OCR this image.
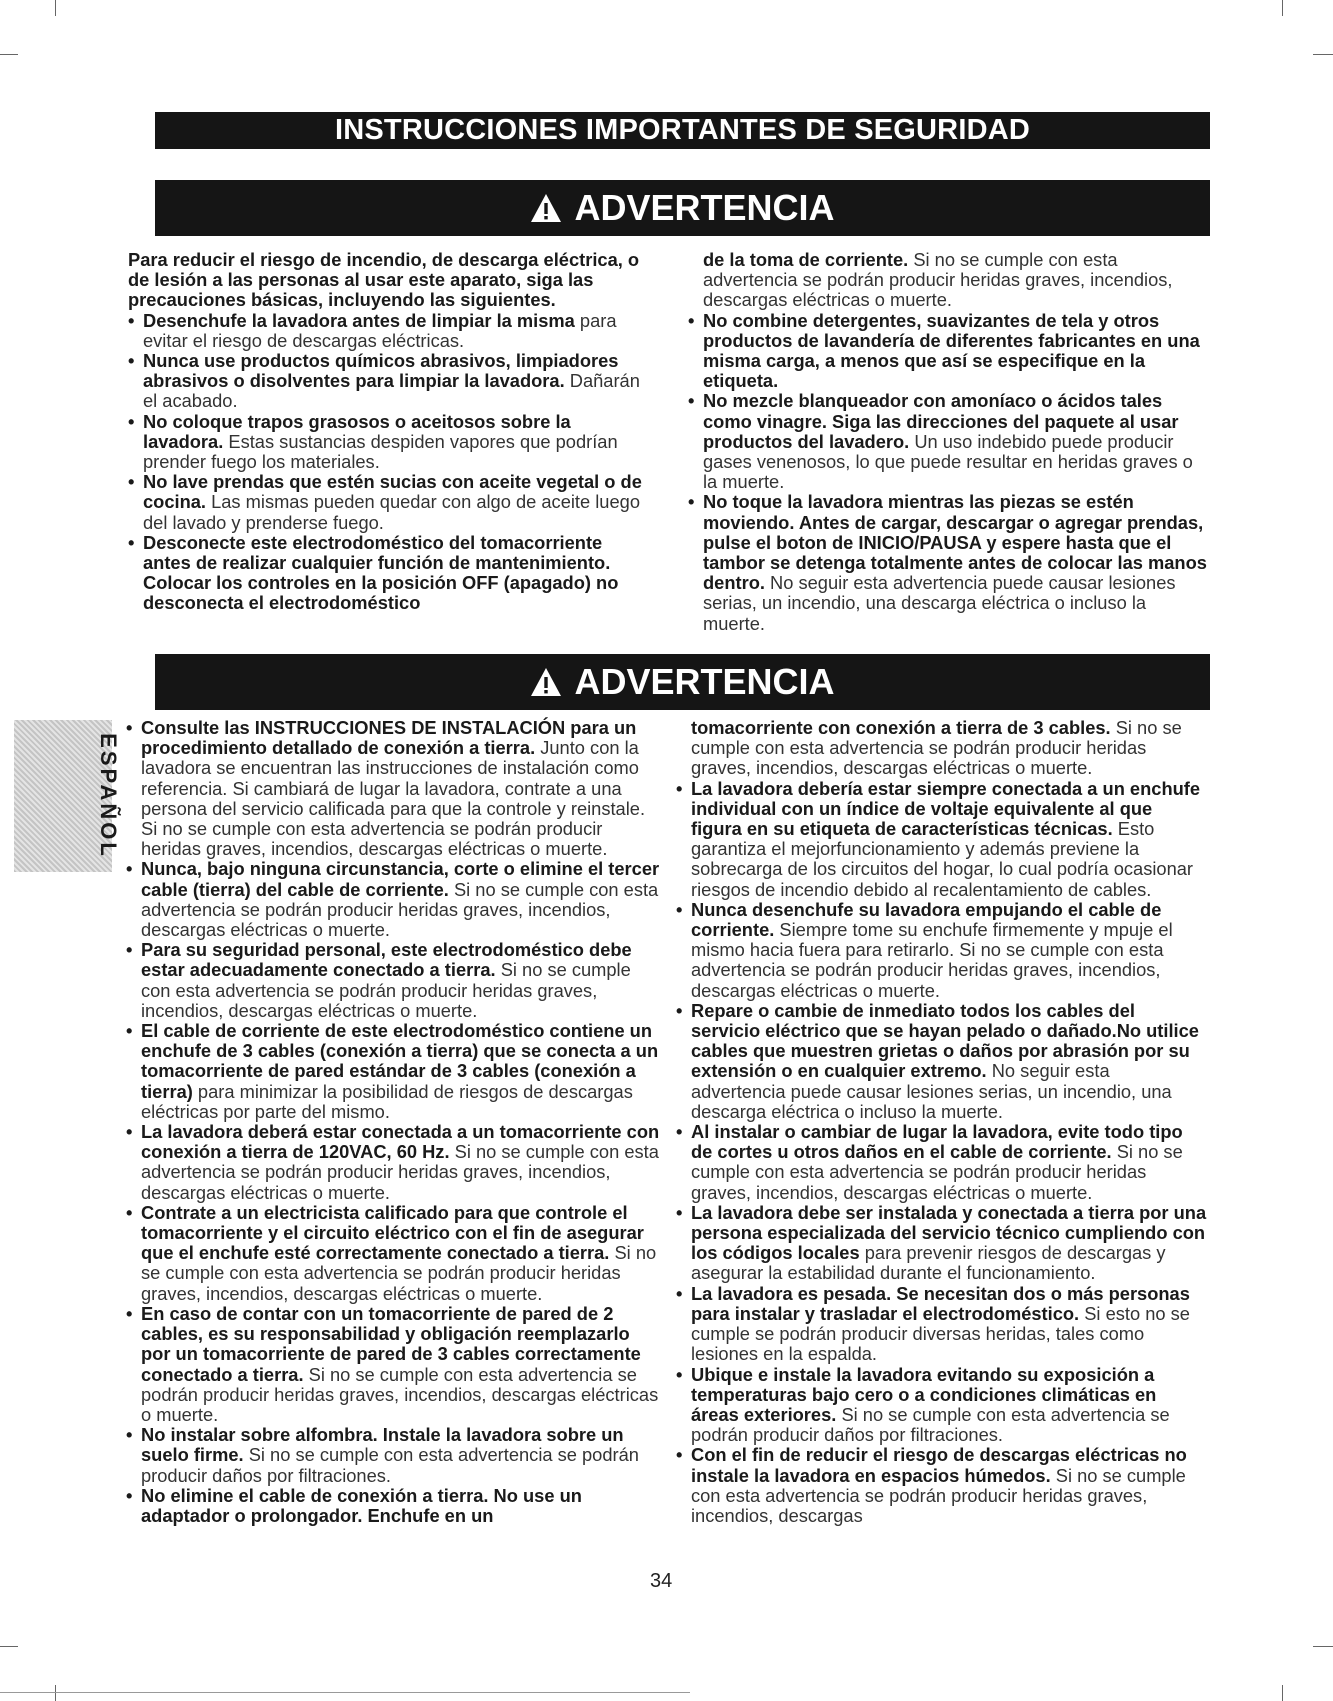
INSTRUCCIONES IMPORTANTES DE SEGURIDAD
ADVERTENCIA

Para reducir el riesgo de incendio, de descarga eléctrica, o de lesión a las personas al usar este aparato, siga las precauciones básicas, incluyendo las siguientes.

• Desenchufe la lavadora antes de limpiar la misma para evitar el riesgo de descargas eléctricas.

• Nunca use productos químicos abrasivos, limpiadores abrasivos o disolventes para limpiar la lavadora. Dañarán el acabado.

• No coloque trapos grasosos o aceitosos sobre la lavadora. Estas sustancias despiden vapores que podrían prender fuego los materiales.

• No lave prendas que estén sucias con aceite vegetal o de cocina. Las mismas pueden quedar con algo de aceite luego del lavado y prenderse fuego.

• Desconecte este electrodoméstico del tomacorriente antes de realizar cualquier función de mantenimiento. Colocar los controles en la posición OFF (apagado) no desconecta el electrodoméstico

de la toma de corriente. Si no se cumple con esta advertencia se podrán producir heridas graves, incendios, descargas eléctricas o muerte.

• No combine detergentes, suavizantes de tela y otros productos de lavandería de diferentes fabricantes en una misma carga, a menos que así se especifique en la etiqueta.

• No mezcle blanqueador con amoníaco o ácidos tales como vinagre. Siga las direcciones del paquete al usar productos del lavadero. Un uso indebido puede producir gases venenosos, lo que puede resultar en heridas graves o la muerte.

• No toque la lavadora mientras las piezas se estén moviendo. Antes de cargar, descargar o agregar prendas, pulse el boton de INICIO/PAUSA y espere hasta que el tambor se detenga totalmente antes de colocar las manos dentro. No seguir esta advertencia puede causar lesiones serias, un incendio, una descarga eléctrica o incluso la muerte.

ADVERTENCIA
ESPAÑOL

• Consulte las INSTRUCCIONES DE INSTALACIÓN para un procedimiento detallado de conexión a tierra. Junto con la lavadora se encuentran las instrucciones de instalación como referencia. Si cambiará de lugar la lavadora, contrate a una persona del servicio calificada para que la controle y reinstale. Si no se cumple con esta advertencia se podrán producir heridas graves, incendios, descargas eléctricas o muerte.

• Nunca, bajo ninguna circunstancia, corte o elimine el tercer cable (tierra) del cable de corriente. Si no se cumple con esta advertencia se podrán producir heridas graves, incendios, descargas eléctricas o muerte.

• Para su seguridad personal, este electrodoméstico debe estar adecuadamente conectado a tierra. Si no se cumple con esta advertencia se podrán producir heridas graves, incendios, descargas eléctricas o muerte.

• El cable de corriente de este electrodoméstico contiene un enchufe de 3 cables (conexión a tierra) que se conecta a un tomacorriente de pared estándar de 3 cables (conexión a tierra) para minimizar la posibilidad de riesgos de descargas eléctricas por parte del mismo.

• La lavadora deberá estar conectada a un tomacorriente con conexión a tierra de 120VAC, 60 Hz. Si no se cumple con esta advertencia se podrán producir heridas graves, incendios, descargas eléctricas o muerte.

• Contrate a un electricista calificado para que controle el tomacorriente y el circuito eléctrico con el fin de asegurar que el enchufe esté correctamente conectado a tierra. Si no se cumple con esta advertencia se podrán producir heridas graves, incendios, descargas eléctricas o muerte.

• En caso de contar con un tomacorriente de pared de 2 cables, es su responsabilidad y obligación reemplazarlo por un tomacorriente de pared de 3 cables correctamente conectado a tierra. Si no se cumple con esta advertencia se podrán producir heridas graves, incendios, descargas eléctricas o muerte.

• No instalar sobre alfombra. Instale la lavadora sobre un suelo firme. Si no se cumple con esta advertencia se podrán producir daños por filtraciones.

• No elimine el cable de conexión a tierra. No use un adaptador o prolongador. Enchufe en un

tomacorriente con conexión a tierra de 3 cables. Si no se cumple con esta advertencia se podrán producir heridas graves, incendios, descargas eléctricas o muerte.

• La lavadora debería estar siempre conectada a un enchufe individual con un índice de voltaje equivalente al que figura en su etiqueta de características técnicas. Esto garantiza el mejorfuncionamiento y además previene la sobrecarga de los circuitos del hogar, lo cual podría ocasionar riesgos de incendio debido al recalentamiento de cables.

• Nunca desenchufe su lavadora empujando el cable de corriente. Siempre tome su enchufe firmemente y mpuje el mismo hacia fuera para retirarlo. Si no se cumple con esta advertencia se podrán producir heridas graves, incendios, descargas eléctricas o muerte.

• Repare o cambie de inmediato todos los cables del servicio eléctrico que se hayan pelado o dañado.No utilice cables que muestren grietas o daños por abrasión por su extensión o en cualquier extremo. No seguir esta advertencia puede causar lesiones serias, un incendio, una descarga eléctrica o incluso la muerte.

• Al instalar o cambiar de lugar la lavadora, evite todo tipo de cortes u otros daños en el cable de corriente. Si no se cumple con esta advertencia se podrán producir heridas graves, incendios, descargas eléctricas o muerte.

• La lavadora debe ser instalada y conectada a tierra por una persona especializada del servicio técnico cumpliendo con los códigos locales para prevenir riesgos de descargas y asegurar la estabilidad durante el funcionamiento.

• La lavadora es pesada. Se necesitan dos o más personas para instalar y trasladar el electrodoméstico. Si esto no se cumple se podrán producir diversas heridas, tales como lesiones en la espalda.

• Ubique e instale la lavadora evitando su exposición a temperaturas bajo cero o a condiciones climáticas en áreas exteriores. Si no se cumple con esta advertencia se podrán producir daños por filtraciones.

• Con el fin de reducir el riesgo de descargas eléctricas no instale la lavadora en espacios húmedos. Si no se cumple con esta advertencia se podrán producir heridas graves, incendios, descargas

34
